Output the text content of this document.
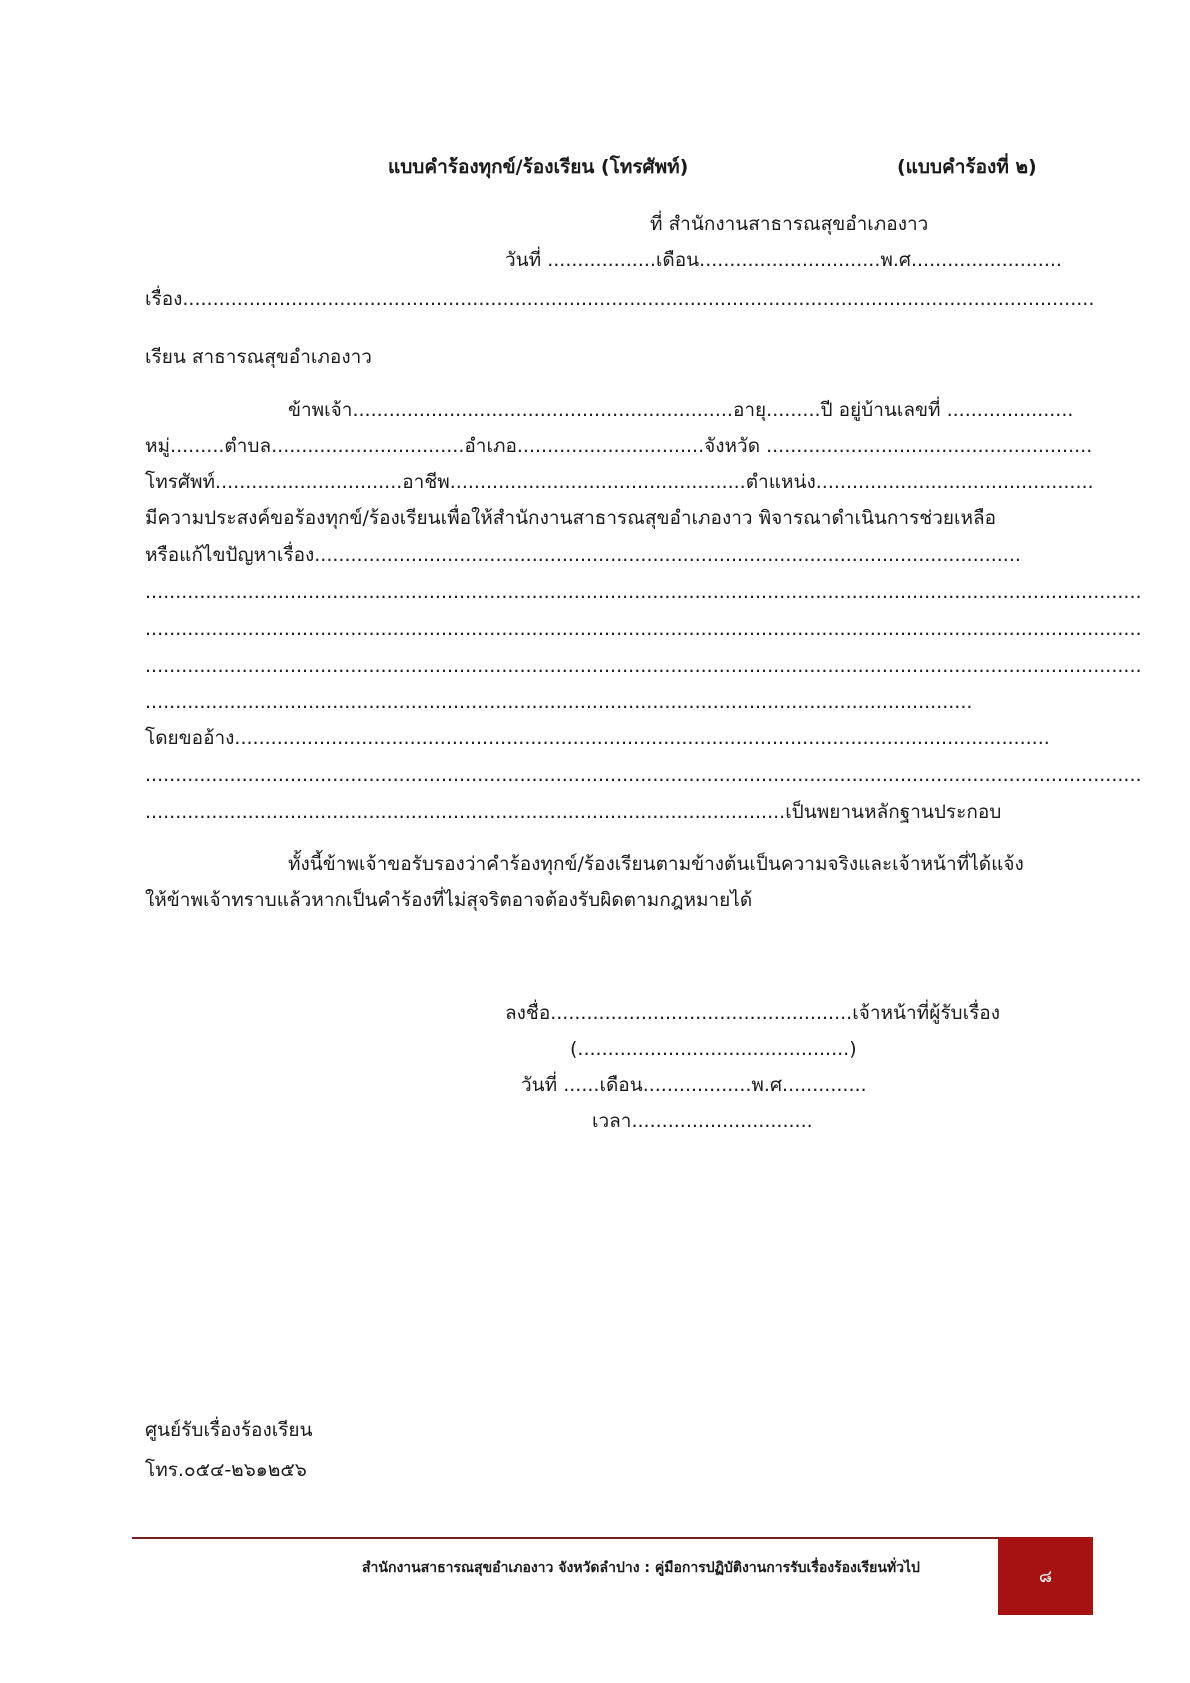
แบบคำร้องทุกข์/ร้องเรียน (โทรศัพท์)	(แบบคำร้องที่ ๒)
ที่ สำนักงานสาธารณสุขอำเภองาว
วันที่ ..................เดือน..............................พ.ศ.........................
เรื่อง.......................................................................................................................................................
เรียน สาธารณสุขอำเภองาว
ข้าพเจ้า...............................................................อายุ.........ปี อยู่บ้านเลขที่ .....................
หมู่.........ตำบล................................อำเภอ...............................จังหวัด ......................................................
โทรศัพท์...............................อาชีพ.................................................ตำแหน่ง..............................................
มีความประสงค์ขอร้องทุกข์/ร้องเรียนเพื่อให้สำนักงานสาธารณสุขอำเภองาว พิจารณาดำเนินการช่วยเหลือ
หรือแก้ไขปัญหาเรื่อง.....................................................................................................................
.....................................................................................................................................................................
.....................................................................................................................................................................
.....................................................................................................................................................................
.........................................................................................................................................
โดยขออ้าง.......................................................................................................................................
.....................................................................................................................................................................
..........................................................................................................เป็นพยานหลักฐานประกอบ
ทั้งนี้ข้าพเจ้าขอรับรองว่าคำร้องทุกข์/ร้องเรียนตามข้างต้นเป็นความจริงและเจ้าหน้าที่ได้แจ้ง
ให้ข้าพเจ้าทราบแล้วหากเป็นคำร้องที่ไม่สุจริตอาจต้องรับผิดตามกฎหมายได้
ลงชื่อ..................................................เจ้าหน้าที่ผู้รับเรื่อง
(.............................................)
วันที่ ......เดือน..................พ.ศ..............
เวลา..............................
ศูนย์รับเรื่องร้องเรียน
โทร.๐๕๔-๒๖๑๒๕๖
สำนักงานสาธารณสุขอำเภองาว จังหวัดลำปาง : คู่มือการปฏิบัติงานการรับเรื่องร้องเรียนทั่วไป	๘
